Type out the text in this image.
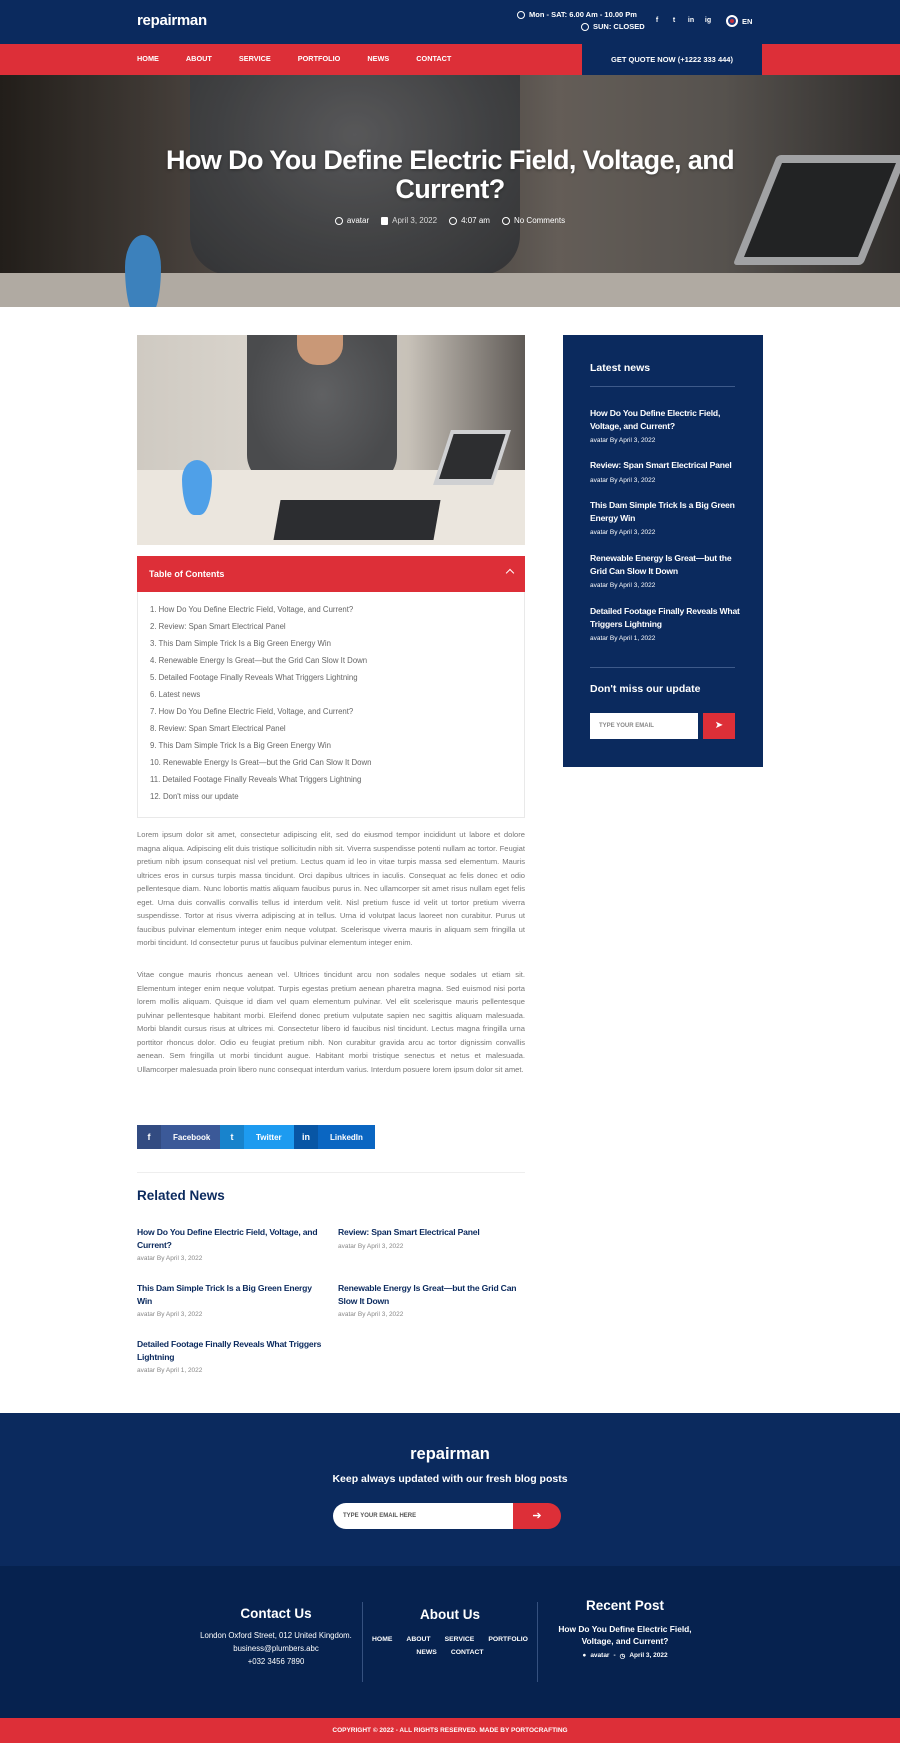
repairman	Mon - SAT: 6.00 Am - 10.00 Pm
SUN: CLOSED
f	t	in ig	EN
HOME	ABOUT	SERVICE	PORTFOLIO	NEWS	CONTACT	GET QUOTE NOW (+1222 333 444)
How Do You Define Electric Field, Voltage, and Current?
avatar	April 3, 2022	4:07 am	No Comments
Table of Contents
1. How Do You Define Electric Field, Voltage, and Current?
2. Review: Span Smart Electrical Panel
3. This Dam Simple Trick Is a Big Green Energy Win
4. Renewable Energy Is Great—but the Grid Can Slow It Down
5. Detailed Footage Finally Reveals What Triggers Lightning
6. Latest news
7. How Do You Define Electric Field, Voltage, and Current?
8. Review: Span Smart Electrical Panel
9. This Dam Simple Trick Is a Big Green Energy Win
10. Renewable Energy Is Great—but the Grid Can Slow It Down
11. Detailed Footage Finally Reveals What Triggers Lightning
12. Don't miss our update

Lorem ipsum dolor sit amet, consectetur adipiscing elit, sed do eiusmod tempor incididunt ut labore et dolore magna aliqua. Adipiscing elit duis tristique sollicitudin nibh sit. Viverra suspendisse potenti nullam ac tortor. Feugiat pretium nibh ipsum consequat nisl vel pretium. Lectus quam id leo in vitae turpis massa sed elementum. Mauris ultrices eros in cursus turpis massa tincidunt. Orci dapibus ultrices in iaculis. Consequat ac felis donec et odio pellentesque diam. Nunc lobortis mattis aliquam faucibus purus in. Nec ullamcorper sit amet risus nullam eget felis eget. Urna duis convallis convallis tellus id interdum velit. Nisl pretium fusce id velit ut tortor pretium viverra suspendisse. Tortor at risus viverra adipiscing at in tellus. Urna id volutpat lacus laoreet non curabitur. Purus ut faucibus pulvinar elementum integer enim neque volutpat. Scelerisque viverra mauris in aliquam sem fringilla ut morbi tincidunt. Id consectetur purus ut faucibus pulvinar elementum integer enim.

Vitae congue mauris rhoncus aenean vel. Ultrices tincidunt arcu non sodales neque sodales ut etiam sit. Elementum integer enim neque volutpat. Turpis egestas pretium aenean pharetra magna. Sed euismod nisi porta lorem mollis aliquam. Quisque id diam vel quam elementum pulvinar. Vel elit scelerisque mauris pellentesque pulvinar pellentesque habitant morbi. Eleifend donec pretium vulputate sapien nec sagittis aliquam malesuada. Morbi blandit cursus risus at ultrices mi. Consectetur libero id faucibus nisl tincidunt. Lectus magna fringilla urna porttitor rhoncus dolor. Odio eu feugiat pretium nibh. Non curabitur gravida arcu ac tortor dignissim convallis aenean. Sem fringilla ut morbi tincidunt augue. Habitant morbi tristique senectus et netus et malesuada. Ullamcorper malesuada proin libero nunc consequat interdum varius. Interdum posuere lorem ipsum dolor sit amet.

f	Facebook	t	Twitter	in	LinkedIn
Related News
How Do You Define Electric Field, Voltage, and Current?
avatar By April 3, 2022
Review: Span Smart Electrical Panel
avatar By April 3, 2022
This Dam Simple Trick Is a Big Green Energy Win
avatar By April 3, 2022
Renewable Energy Is Great—but the Grid Can Slow It Down
avatar By April 3, 2022
Detailed Footage Finally Reveals What Triggers Lightning
avatar By April 1, 2022
Latest news
How Do You Define Electric Field, Voltage, and Current?
avatar By April 3, 2022
Review: Span Smart Electrical Panel
avatar By April 3, 2022
This Dam Simple Trick Is a Big Green Energy Win
avatar By April 3, 2022
Renewable Energy Is Great—but the Grid Can Slow It Down
avatar By April 3, 2022
Detailed Footage Finally Reveals What Triggers Lightning
avatar By April 1, 2022
Don't miss our update
TYPE YOUR EMAIL	➤
repairman
Keep always updated with our fresh blog posts
TYPE YOUR EMAIL HERE	➔
Contact Us
London Oxford Street, 012 United Kingdom.
business@plumbers.abc
+032 3456 7890
About Us
HOME ABOUT SERVICE PORTFOLIO
NEWS CONTACT
Recent Post
How Do You Define Electric Field, Voltage, and Current?
● avatar - ◷ April 3, 2022
COPYRIGHT © 2022 - ALL RIGHTS RESERVED. MADE BY PORTOCRAFTING
